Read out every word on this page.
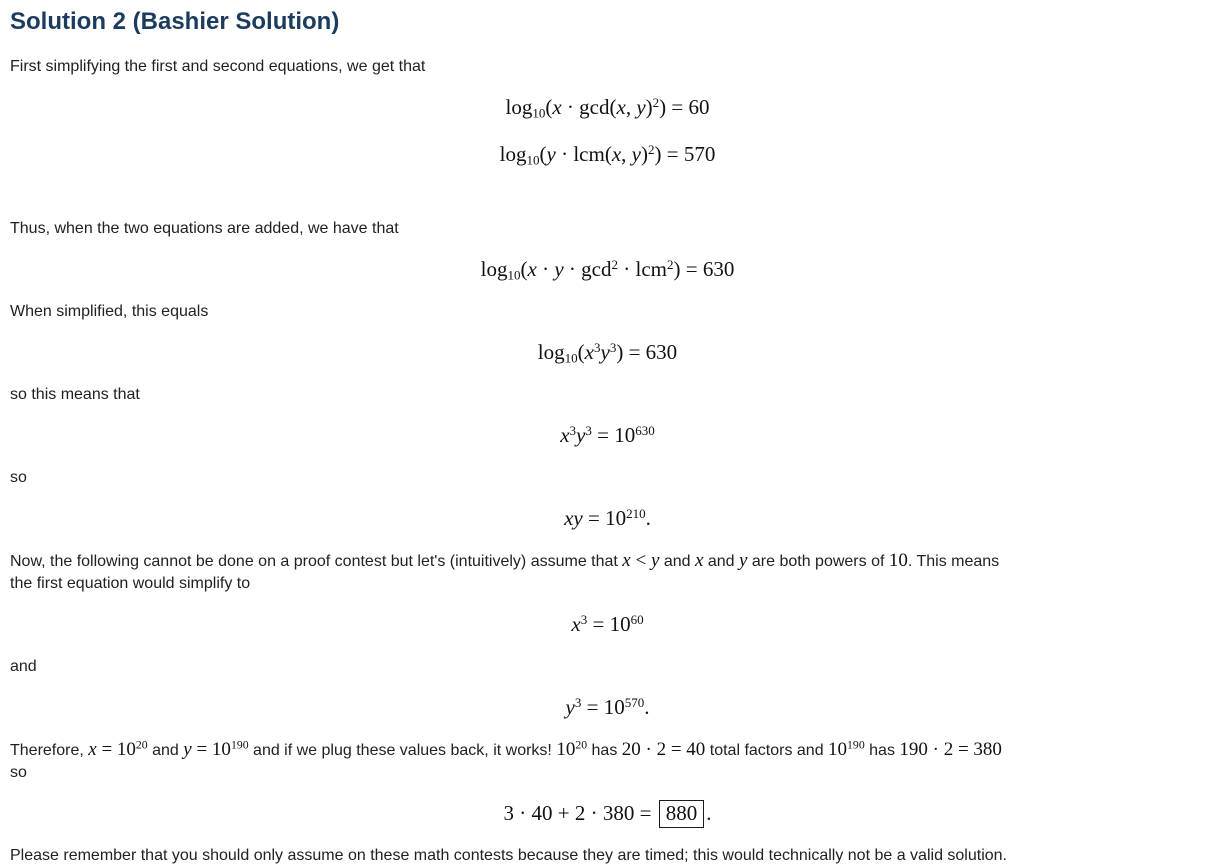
Solution 2 (Bashier Solution)

First simplifying the first and second equations, we get that

$\log_{10}(x \cdot \gcd(x$, y)$^2$) = 60
$\log_{10}(y \cdot lcm(x$, y)$^2$) = 570

Thus, when the two equations are added, we have that

$\log_{10}(x \cdot y \cdot \gcd^2 \cdot lcm^2) = 630$

When simplified, this equals

$\log_{10}(x^3y^3) = 630$

so this means that

$x^3y^3 = 10^{630}$

so

xy = $10^{210}$.

Now, the following cannot be done on a proof contest but let's (intuitively) assume that x < y and x and y are both powers of 10. This means
the first equation would simplify to

$x^3 = 10^{60}$

and

$y^3 = 10^{570}$.

Therefore, $x = 10^{20}$ and $y = 10^{190}$ and if we plug these values back, it works! $10^{20}$ has 20 · 2 = 40 total factors and $10^{190}$ has 190 · 2 = 380
so

3 · 40 + 2 · 380 = 880 .

Please remember that you should only assume on these math contests because they are timed; this would technically not be a valid solution.
